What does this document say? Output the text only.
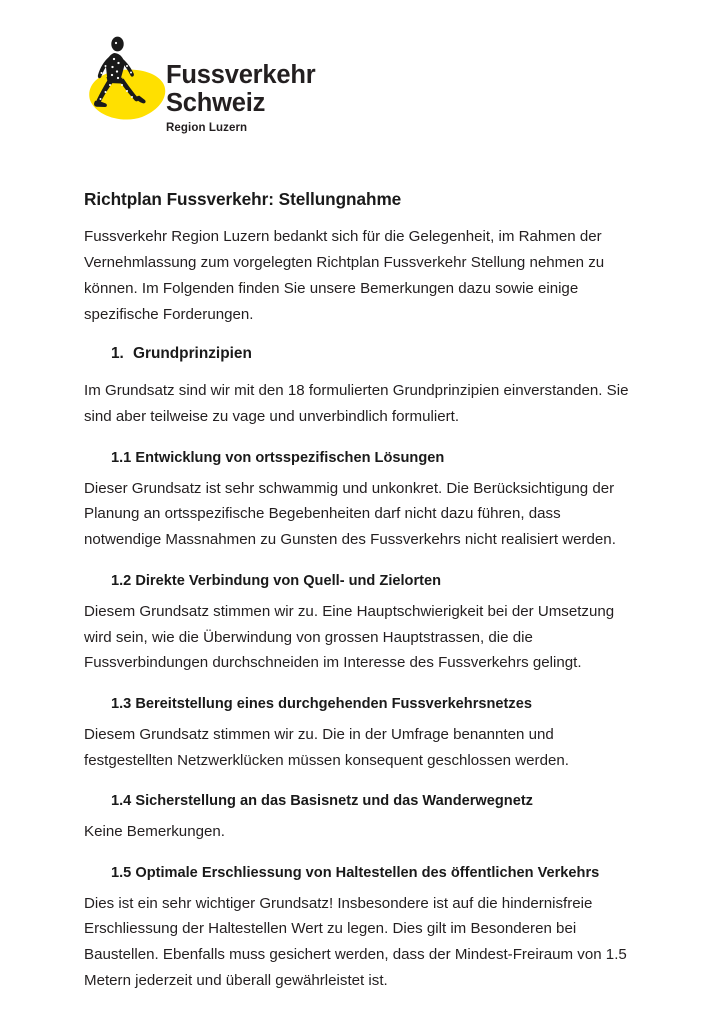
Fussverkehr
Schweiz
Region Luzern
Richtplan Fussverkehr: Stellungnahme

Fussverkehr Region Luzern bedankt sich für die Gelegenheit, im Rahmen der Vernehmlassung zum vorgelegten Richtplan Fussverkehr Stellung nehmen zu können. Im Folgenden finden Sie unsere Bemerkungen dazu sowie einige spezifische Forderungen.

1. Grundprinzipien

Im Grundsatz sind wir mit den 18 formulierten Grundprinzipien einverstanden. Sie sind aber teilweise zu vage und unverbindlich formuliert.

1.1 Entwicklung von ortsspezifischen Lösungen

Dieser Grundsatz ist sehr schwammig und unkonkret. Die Berücksichtigung der Planung an ortsspezifische Begebenheiten darf nicht dazu führen, dass notwendige Massnahmen zu Gunsten des Fussverkehrs nicht realisiert werden.

1.2 Direkte Verbindung von Quell- und Zielorten

Diesem Grundsatz stimmen wir zu. Eine Hauptschwierigkeit bei der Umsetzung wird sein, wie die Überwindung von grossen Hauptstrassen, die die Fussverbindungen durchschneiden im Interesse des Fussverkehrs gelingt.

1.3 Bereitstellung eines durchgehenden Fussverkehrsnetzes

Diesem Grundsatz stimmen wir zu. Die in der Umfrage benannten und festgestellten Netzwerklücken müssen konsequent geschlossen werden.

1.4 Sicherstellung an das Basisnetz und das Wanderwegnetz

Keine Bemerkungen.

1.5 Optimale Erschliessung von Haltestellen des öffentlichen Verkehrs

Dies ist ein sehr wichtiger Grundsatz! Insbesondere ist auf die hindernisfreie Erschliessung der Haltestellen Wert zu legen. Dies gilt im Besonderen bei Baustellen. Ebenfalls muss gesichert werden, dass der Mindest-Freiraum von 1.5 Metern jederzeit und überall gewährleistet ist.
